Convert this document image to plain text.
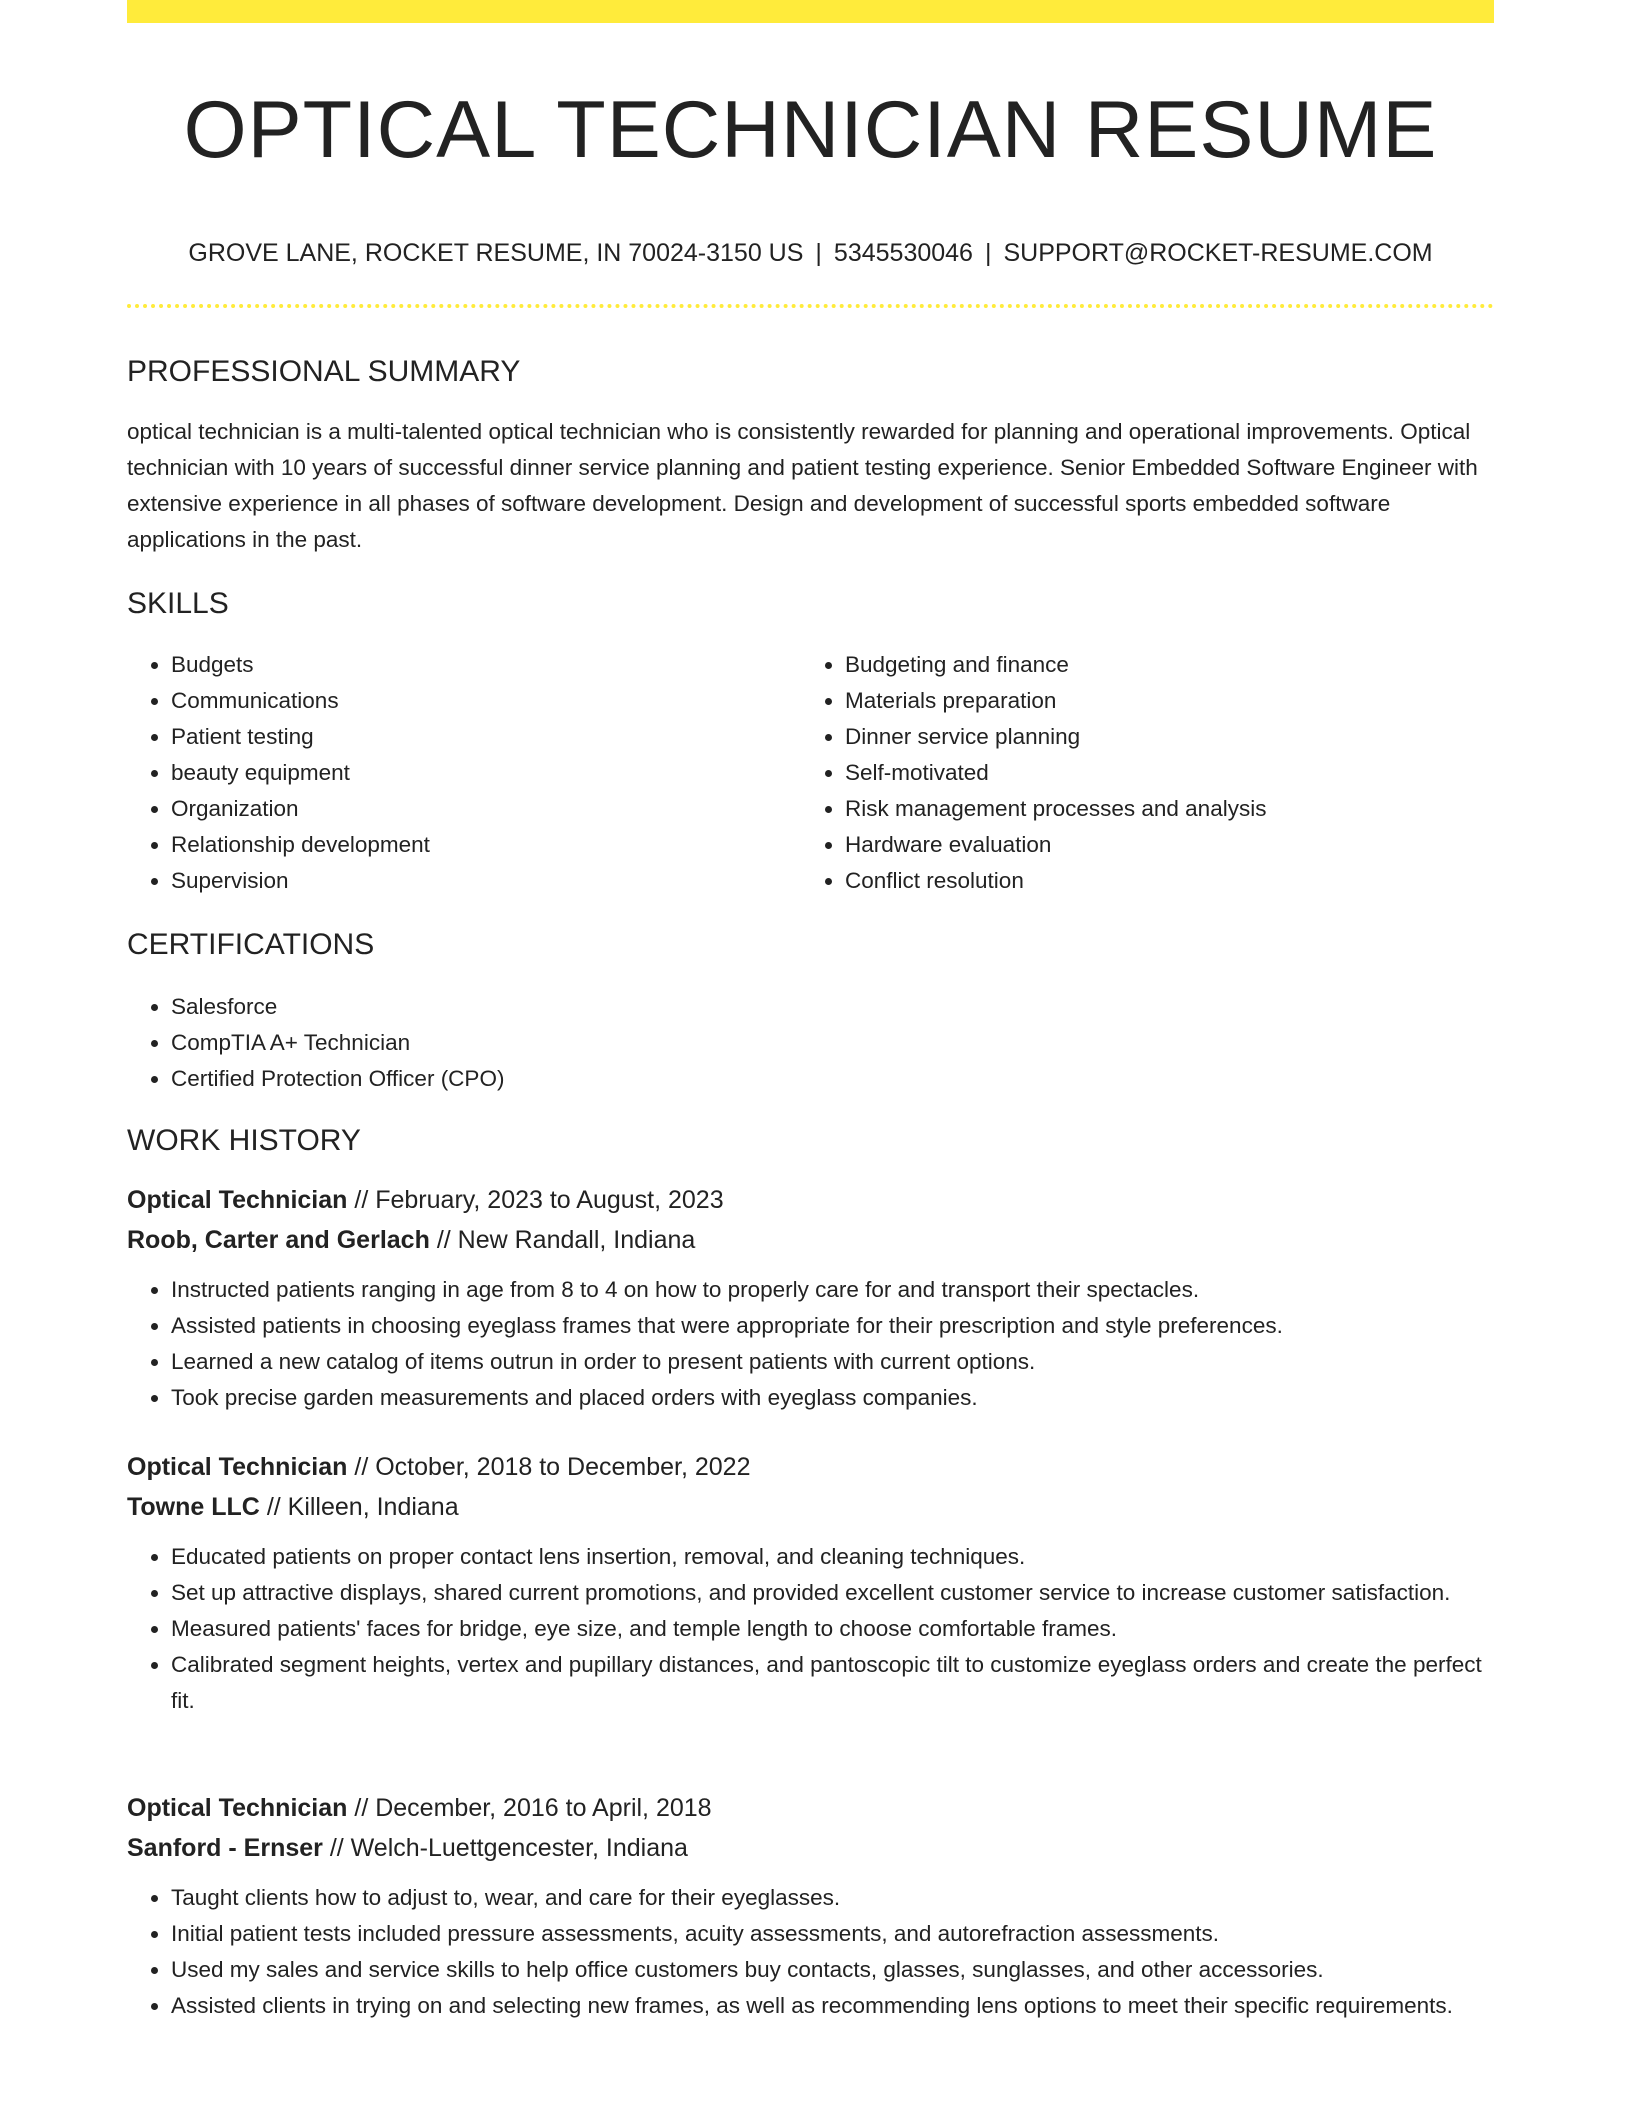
OPTICAL TECHNICIAN RESUME
GROVE LANE, ROCKET RESUME, IN 70024-3150 US | 5345530046 | SUPPORT@ROCKET-RESUME.COM
PROFESSIONAL SUMMARY

optical technician is a multi-talented optical technician who is consistently rewarded for planning and operational improvements. Optical technician with 10 years of successful dinner service planning and patient testing experience. Senior Embedded Software Engineer with extensive experience in all phases of software development. Design and development of successful sports embedded software applications in the past.

SKILLS
• Budgets
• Communications
• Patient testing
• beauty equipment
• Organization
• Relationship development
• Supervision
• Budgeting and finance
• Materials preparation
• Dinner service planning
• Self-motivated
• Risk management processes and analysis
• Hardware evaluation
• Conflict resolution
CERTIFICATIONS
• Salesforce
• CompTIA A+ Technician
• Certified Protection Officer (CPO)
WORK HISTORY
Optical Technician // February, 2023 to August, 2023
Roob, Carter and Gerlach // New Randall, Indiana
• Instructed patients ranging in age from 8 to 4 on how to properly care for and transport their spectacles.
• Assisted patients in choosing eyeglass frames that were appropriate for their prescription and style preferences.
• Learned a new catalog of items outrun in order to present patients with current options.
• Took precise garden measurements and placed orders with eyeglass companies.
Optical Technician // October, 2018 to December, 2022
Towne LLC // Killeen, Indiana
• Educated patients on proper contact lens insertion, removal, and cleaning techniques.
• Set up attractive displays, shared current promotions, and provided excellent customer service to increase customer satisfaction.
• Measured patients' faces for bridge, eye size, and temple length to choose comfortable frames.
• Calibrated segment heights, vertex and pupillary distances, and pantoscopic tilt to customize eyeglass orders and create the perfect fit.
Optical Technician // December, 2016 to April, 2018
Sanford - Ernser // Welch-Luettgencester, Indiana
• Taught clients how to adjust to, wear, and care for their eyeglasses.
• Initial patient tests included pressure assessments, acuity assessments, and autorefraction assessments.
• Used my sales and service skills to help office customers buy contacts, glasses, sunglasses, and other accessories.
• Assisted clients in trying on and selecting new frames, as well as recommending lens options to meet their specific requirements.
